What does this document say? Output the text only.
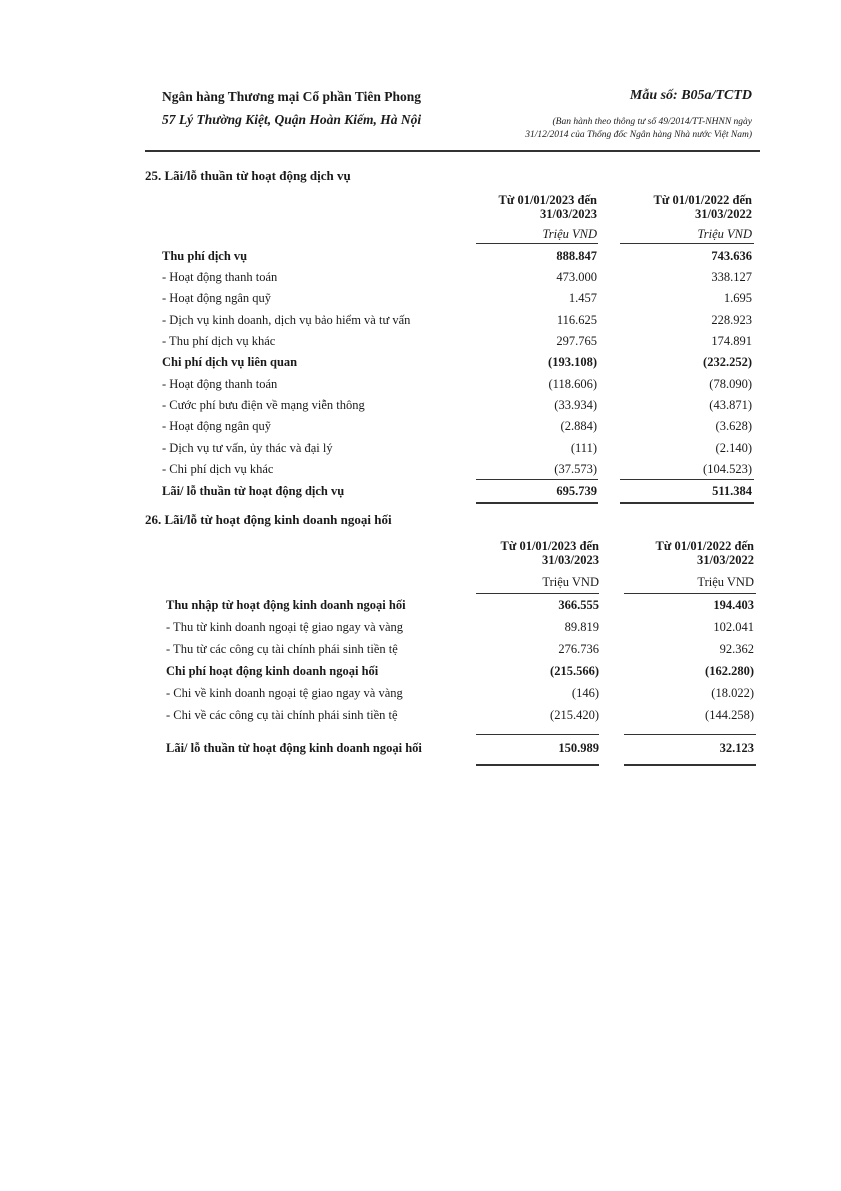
Ngân hàng Thương mại Cổ phần Tiên Phong
57 Lý Thường Kiệt, Quận Hoàn Kiếm, Hà Nội
Mẫu số: B05a/TCTD
(Ban hành theo thông tư số 49/2014/TT-NHNN ngày
31/12/2014 của Thống đốc Ngân hàng Nhà nước Việt Nam)
25. Lãi/lỗ thuần từ hoạt động dịch vụ
Từ 01/01/2023 đến
31/03/2023
Từ 01/01/2022 đến
31/03/2022
Triệu VND	Triệu VND
Thu phí dịch vụ	888.847	743.636
- Hoạt động thanh toán	473.000	338.127
- Hoạt động ngân quỹ	1.457	1.695
- Dịch vụ kinh doanh, dịch vụ bảo hiểm và tư vấn	116.625	228.923
- Thu phí dịch vụ khác	297.765	174.891
Chi phí dịch vụ liên quan	(193.108)	(232.252)
- Hoạt động thanh toán	(118.606)	(78.090)
- Cước phí bưu điện về mạng viễn thông	(33.934)	(43.871)
- Hoạt động ngân quỹ	(2.884)	(3.628)
- Dịch vụ tư vấn, ủy thác và đại lý	(111)	(2.140)
- Chi phí dịch vụ khác	(37.573)	(104.523)
Lãi/ lỗ thuần từ hoạt động dịch vụ	695.739	511.384
26. Lãi/lỗ từ hoạt động kinh doanh ngoại hối
Từ 01/01/2023 đến
31/03/2023
Từ 01/01/2022 đến
31/03/2022
Triệu VND	Triệu VND
Thu nhập từ hoạt động kinh doanh ngoại hối	366.555	194.403
- Thu từ kinh doanh ngoại tệ giao ngay và vàng	89.819	102.041
- Thu từ các công cụ tài chính phái sinh tiền tệ	276.736	92.362
Chi phí hoạt động kinh doanh ngoại hối	(215.566)	(162.280)
- Chi về kinh doanh ngoại tệ giao ngay và vàng	(146)	(18.022)
- Chi về các công cụ tài chính phái sinh tiền tệ	(215.420)	(144.258)
Lãi/ lỗ thuần từ hoạt động kinh doanh ngoại hối	150.989	32.123
